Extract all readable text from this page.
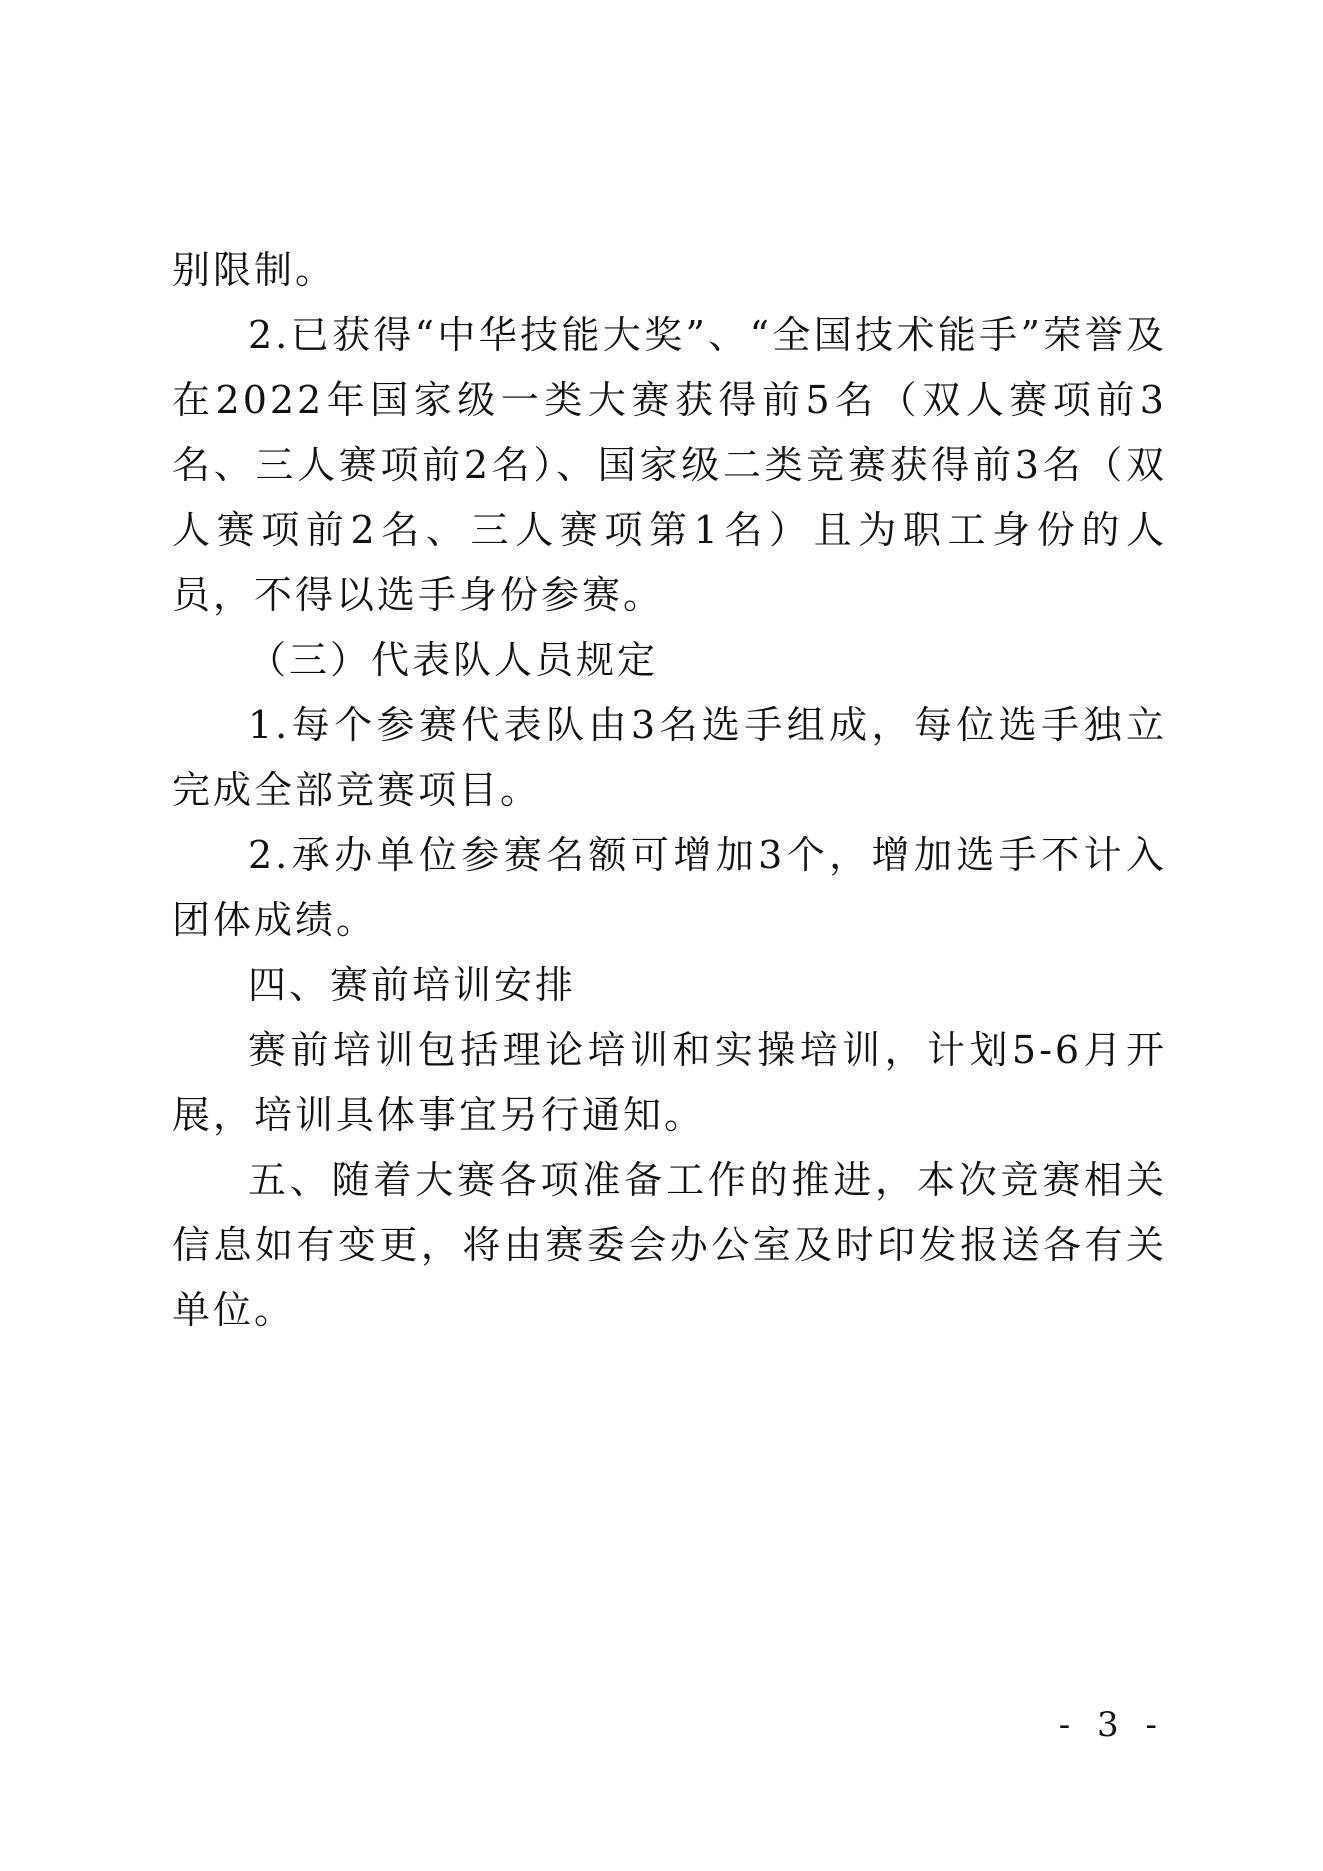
别限制。

2.已获得“中华技能大奖”、“全国技术能手”荣誉及在2022年国家级一类大赛获得前5名（双人赛项前3名、三人赛项前2名）、国家级二类竞赛获得前3名（双人赛项前2名、三人赛项第1名）且为职工身份的人员，不得以选手身份参赛。

（三）代表队人员规定

1.每个参赛代表队由3名选手组成，每位选手独立完成全部竞赛项目。

2.承办单位参赛名额可增加3个，增加选手不计入团体成绩。

四、赛前培训安排

赛前培训包括理论培训和实操培训，计划5-6月开展，培训具体事宜另行通知。

五、随着大赛各项准备工作的推进，本次竞赛相关信息如有变更，将由赛委会办公室及时印发报送各有关单位。

- 3 -
